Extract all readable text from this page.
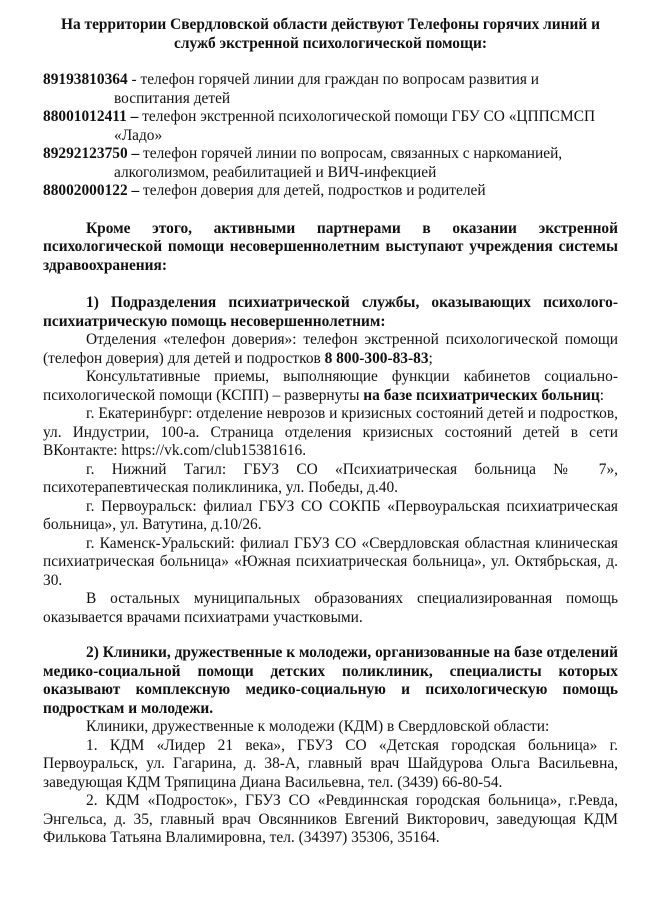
На территории Свердловской области действуют Телефоны горячих линий и служб экстренной психологической помощи:

89193810364 - телефон горячей линии для граждан по вопросам развития и воспитания детей

88001012411 – телефон экстренной психологической помощи ГБУ СО «ЦППСМСП «Ладо»

89292123750 – телефон горячей линии по вопросам, связанных с наркоманией, алкоголизмом, реабилитацией и ВИЧ-инфекцией

88002000122 – телефон доверия для детей, подростков и родителей

Кроме этого, активными партнерами в оказании экстренной психологической помощи несовершеннолетним выступают учреждения системы здравоохранения:

1) Подразделения психиатрической службы, оказывающих психолого-психиатрическую помощь несовершеннолетним:

Отделения «телефон доверия»: телефон экстренной психологической помощи (телефон доверия) для детей и подростков 8 800-300-83-83;

Консультативные приемы, выполняющие функции кабинетов социально-психологической помощи (КСПП) – развернуты на базе психиатрических больниц:

г. Екатеринбург: отделение неврозов и кризисных состояний детей и подростков, ул. Индустрии, 100-а. Страница отделения кризисных состояний детей в сети ВКонтакте: https://vk.com/club15381616.

г. Нижний Тагил: ГБУЗ СО «Психиатрическая больница № 7», психотерапевтическая поликлиника, ул. Победы, д.40.

г. Первоуральск: филиал ГБУЗ СО СОКПБ «Первоуральская психиатрическая больница», ул. Ватутина, д.10/26.

г. Каменск-Уральский: филиал ГБУЗ СО «Свердловская областная клиническая психиатрическая больница» «Южная психиатрическая больница», ул. Октябрьская, д. 30.

В остальных муниципальных образованиях специализированная помощь оказывается врачами психиатрами участковыми.

2) Клиники, дружественные к молодежи, организованные на базе отделений медико-социальной помощи детских поликлиник, специалисты которых оказывают комплексную медико-социальную и психологическую помощь подросткам и молодежи.

Клиники, дружественные к молодежи (КДМ) в Свердловской области:

1. КДМ «Лидер 21 века», ГБУЗ СО «Детская городская больница» г. Первоуральск, ул. Гагарина, д. 38-А, главный врач Шайдурова Ольга Васильевна, заведующая КДМ Тряпицина Диана Васильевна, тел. (3439) 66-80-54.

2. КДМ «Подросток», ГБУЗ СО «Ревдиннская городская больница», г.Ревда, Энгельса, д. 35, главный врач Овсянников Евгений Викторович, заведующая КДМ Филькова Татьяна Влалимировна, тел. (34397) 35306, 35164.
